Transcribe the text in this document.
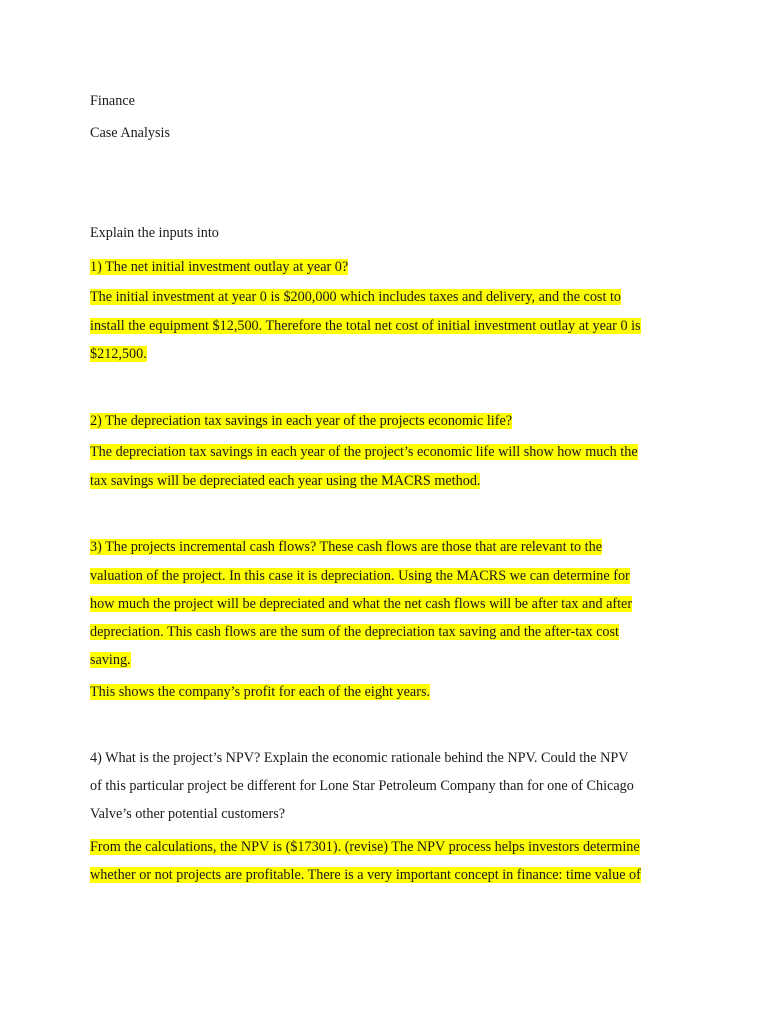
Finance
Case Analysis
Explain the inputs into
1) The net initial investment outlay at year 0?
The initial investment at year 0 is $200,000 which includes taxes and delivery, and the cost to
install the equipment $12,500. Therefore the total net cost of initial investment outlay at year 0 is
$212,500.
2) The depreciation tax savings in each year of the projects economic life?
The depreciation tax savings in each year of the project’s economic life will show how much the
tax savings will be depreciated each year using the MACRS method.
3) The projects incremental cash flows? These cash flows are those that are relevant to the
valuation of the project. In this case it is depreciation. Using the MACRS we can determine for
how much the project will be depreciated and what the net cash flows will be after tax and after
depreciation. This cash flows are the sum of the depreciation tax saving and the after-tax cost
saving.
This shows the company’s profit for each of the eight years.
4) What is the project’s NPV? Explain the economic rationale behind the NPV. Could the NPV
of this particular project be different for Lone Star Petroleum Company than for one of Chicago
Valve’s other potential customers?
From the calculations, the NPV is ($17301). (revise) The NPV process helps investors determine
whether or not projects are profitable. There is a very important concept in finance: time value of
